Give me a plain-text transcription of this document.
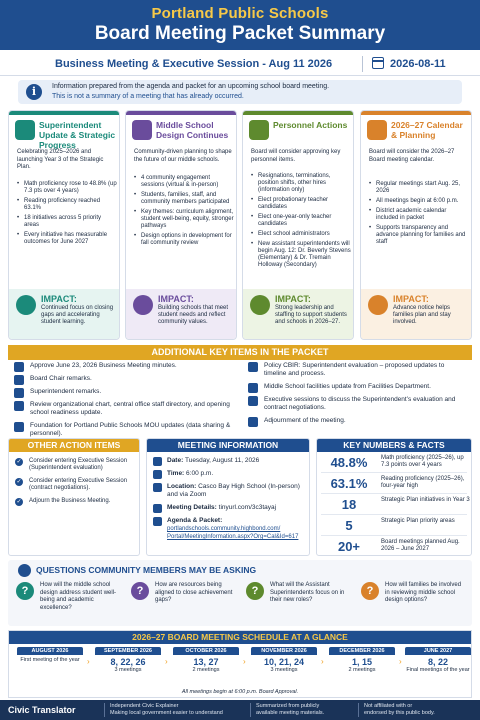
Portland Public Schools
Board Meeting Packet Summary
Business Meeting & Executive Session - Aug 11 2026	2026-08-11
i	Information prepared from the agenda and packet for an upcoming school board meeting.
This is not a summary of a meeting that has already occurred.
Superintendent Update & Strategic Progress
Celebrating 2025–2026 and launching Year 3 of the Strategic Plan.
• Math proficiency rose to 48.8% (up 7.3 pts over 4 years)
• Reading proficiency reached 63.1%
• 18 initiatives across 5 priority areas
• Every initiative has measurable outcomes for June 2027
IMPACT:
Continued focus on closing gaps and accelerating student learning.
Middle School Design Continues
Community-driven planning to shape the future of our middle schools.
• 4 community engagement sessions (virtual & in-person)
• Students, families, staff, and community members participated
• Key themes: curriculum alignment, student well-being, equity, stronger pathways
• Design options in development for fall community review
IMPACT:
Building schools that meet student needs and reflect community values.
Personnel Actions
Board will consider approving key personnel items.
• Resignations, terminations, position shifts, other hires (information only)
• Elect probationary teacher candidates
• Elect one-year-only teacher candidates
• Elect school administrators
• New assistant superintendents will begin Aug. 12: Dr. Beverly Stevens (Elementary) & Dr. Tremain Holloway (Secondary)
IMPACT:
Strong leadership and staffing to support students and schools in 2026–27.
2026–27 Calendar & Planning
Board will consider the 2026–27 Board meeting calendar.
• Regular meetings start Aug. 25, 2026
• All meetings begin at 6:00 p.m.
• District academic calendar included in packet
• Supports transparency and advance planning for families and staff
IMPACT:
Advance notice helps families plan and stay involved.
ADDITIONAL KEY ITEMS IN THE PACKET
Approve June 23, 2026 Business Meeting minutes.
Board Chair remarks.
Superintendent remarks.
Review organizational chart, central office staff directory, and opening school readiness update.
Foundation for Portland Public Schools MOU updates (data sharing & personnel).
Policy CBIR: Superintendent evaluation – proposed updates to timeline and process.
Middle School facilities update from Facilities Department.
Executive sessions to discuss the Superintendent’s evaluation and contract negotiations.
Adjournment of the meeting.
OTHER ACTION ITEMS
✓ Consider entering Executive Session (Superintendent evaluation)
✓ Consider entering Executive Session (contract negotiations).
✓ Adjourn the Business Meeting.
MEETING INFORMATION
Date: Tuesday, August 11, 2026
Time: 6:00 p.m.
Location: Casco Bay High School (In-person) and via Zoom
Meeting Details: tinyurl.com/3c3tayaj
Agenda & Packet:
portlandschools.community.highbond.com/
Portal/MeetingInformation.aspx?Org=Cal&Id=617
KEY NUMBERS & FACTS
48.8%	Math proficiency (2025–26), up 7.3 points over 4 years
63.1%	Reading proficiency (2025–26), four-year high
18	Strategic Plan initiatives in Year 3
5	Strategic Plan priority areas
20+	Board meetings planned Aug. 2026 – June 2027
QUESTIONS COMMUNITY MEMBERS MAY BE ASKING
?	How will the middle school design address student well-being and academic excellence?
?	How are resources being aligned to close achievement gaps?
?	What will the Assistant Superintendents focus on in their new roles?
?	How will families be involved in reviewing middle school design options?
2026–27 BOARD MEETING SCHEDULE AT A GLANCE
AUGUST 2026
First meeting of the year ›
SEPTEMBER 2026
8, 22, 26
3 meetings
›
OCTOBER 2026
13, 27
2 meetings
›
NOVEMBER 2026
10, 21, 24
3 meetings
›
DECEMBER 2026
1, 15
2 meetings
›
JUNE 2027
8, 22
Final meetings of the year
All meetings begin at 6:00 p.m. Board Approval.
Civic Translator	Independent Civic Explainer
Making local government easier to understand
Summarized from publicly
available meeting materials.
Not affiliated with or
endorsed by this public body.
